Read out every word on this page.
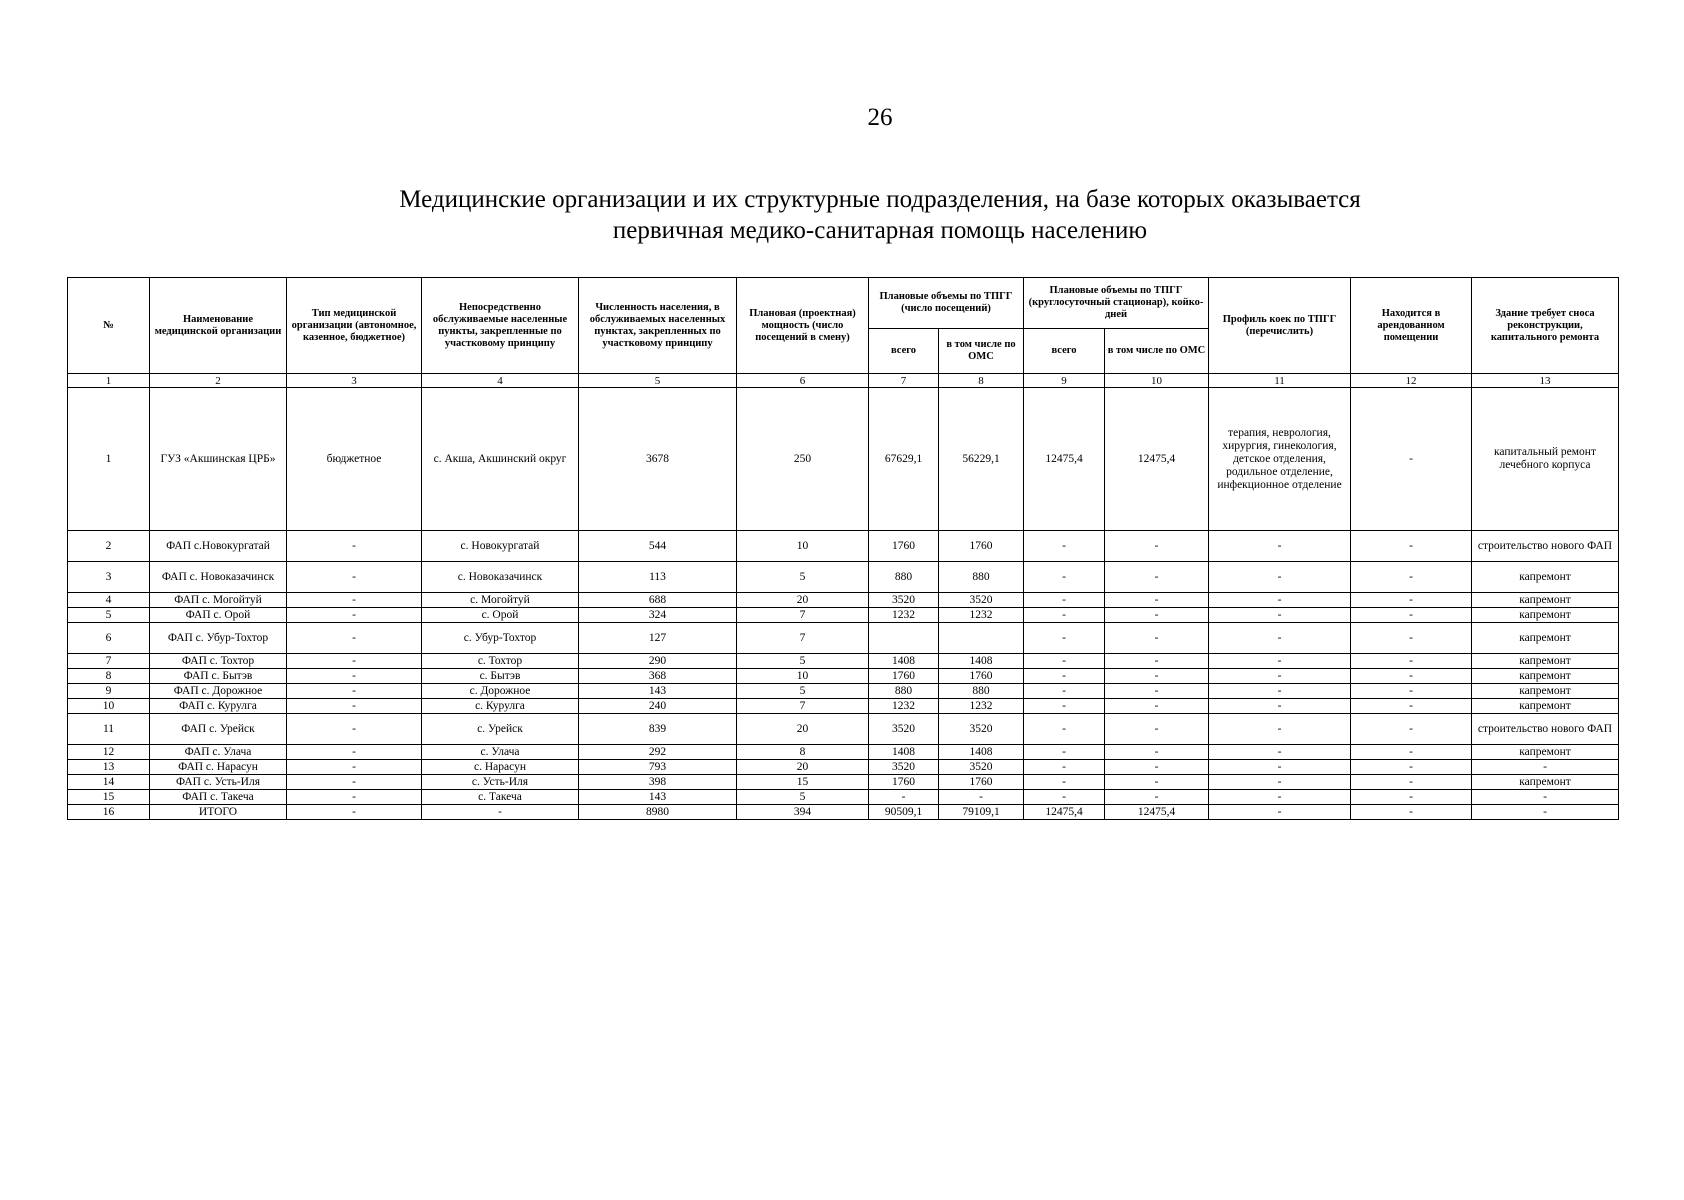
26
Медицинские организации и их структурные подразделения, на базе которых оказывается
первичная медико-санитарная помощь населению
№	Наименование медицинской организации	Тип медицинской организации (автономное, казенное, бюджетное)	Непосредственно обслуживаемые населенные пункты, закрепленные по участковому принципу	Численность населения, в обслуживаемых населенных пунктах, закрепленных по участковому принципу	Плановая (проектная) мощность (число посещений в смену)	Плановые объемы по ТПГГ (число посещений)		Плановые объемы по ТПГГ (круглосуточный стационар), койко-дней		Профиль коек по ТПГГ (перечислить)	Находится в арендованном помещении	Здание требует сноса реконструкции, капитального ремонта
						всего	в том числе по ОМС	всего	в том числе по ОМС			
1	2	3	4	5	6	7	8	9	10	11	12	13
1	ГУЗ «Акшинская ЦРБ»	бюджетное	с. Акша, Акшинский округ	3678	250	67629,1	56229,1	12475,4	12475,4	терапия, неврология, хирургия, гинекология, детское отделения, родильное отделение, инфекционное отделение	-	капитальный ремонт лечебного корпуса
2	ФАП с.Новокургатай	-	с. Новокургатай	544	10	1760	1760	-	-	-	-	строительство нового ФАП
3	ФАП с. Новоказачинск	-	с. Новоказачинск	113	5	880	880	-	-	-	-	капремонт
4	ФАП с. Могойтуй	-	с. Могойтуй	688	20	3520	3520	-	-	-	-	капремонт
5	ФАП с. Орой	-	с. Орой	324	7	1232	1232	-	-	-	-	капремонт
6	ФАП с. Убур-Тохтор	-	с. Убур-Тохтор	127	7			-	-	-	-	капремонт
7	ФАП с. Тохтор	-	с. Тохтор	290	5	1408	1408	-	-	-	-	капремонт
8	ФАП с. Бытэв	-	с. Бытэв	368	10	1760	1760	-	-	-	-	капремонт
9	ФАП с. Дорожное	-	с. Дорожное	143	5	880	880	-	-	-	-	капремонт
10	ФАП с. Курулга	-	с. Курулга	240	7	1232	1232	-	-	-	-	капремонт
11	ФАП с. Урейск	-	с. Урейск	839	20	3520	3520	-	-	-	-	строительство нового ФАП
12	ФАП с. Улача	-	с. Улача	292	8	1408	1408	-	-	-	-	капремонт
13	ФАП с. Нарасун	-	с. Нарасун	793	20	3520	3520	-	-	-	-	-
14	ФАП с. Усть-Иля	-	с. Усть-Иля	398	15	1760	1760	-	-	-	-	капремонт
15	ФАП с. Такеча	-	с. Такеча	143	5	-	-	-	-	-	-	-
16	ИТОГО	-	-	8980	394	90509,1	79109,1	12475,4	12475,4	-	-	-
